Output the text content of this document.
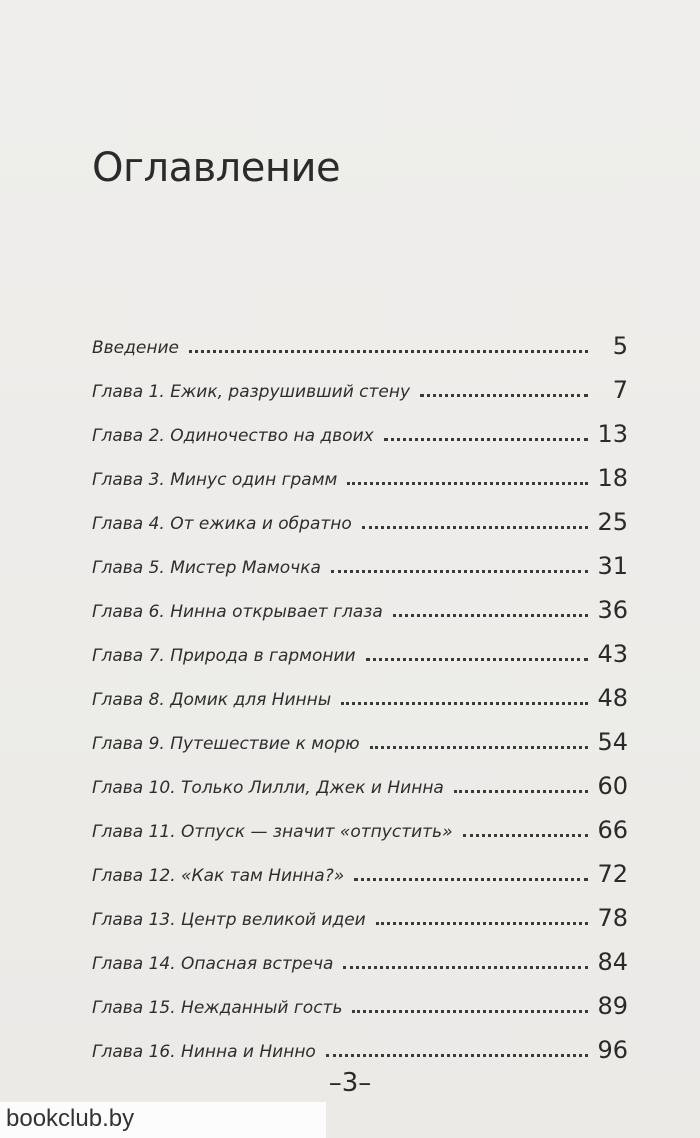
Оглавление
Введение	5
Глава 1. Ежик, разрушивший стену	7
Глава 2. Одиночество на двоих	13
Глава 3. Минус один грамм	18
Глава 4. От ежика и обратно	25
Глава 5. Мистер Мамочка	31
Глава 6. Нинна открывает глаза	36
Глава 7. Природа в гармонии	43
Глава 8. Домик для Нинны	48
Глава 9. Путешествие к морю	54
Глава 10. Только Лилли, Джек и Нинна	60
Глава 11. Отпуск — значит «отпустить»	66
Глава 12. «Как там Нинна?»	72
Глава 13. Центр великой идеи	78
Глава 14. Опасная встреча	84
Глава 15. Нежданный гость	89
Глава 16. Нинна и Нинно	96
–3–
bookclub.by
